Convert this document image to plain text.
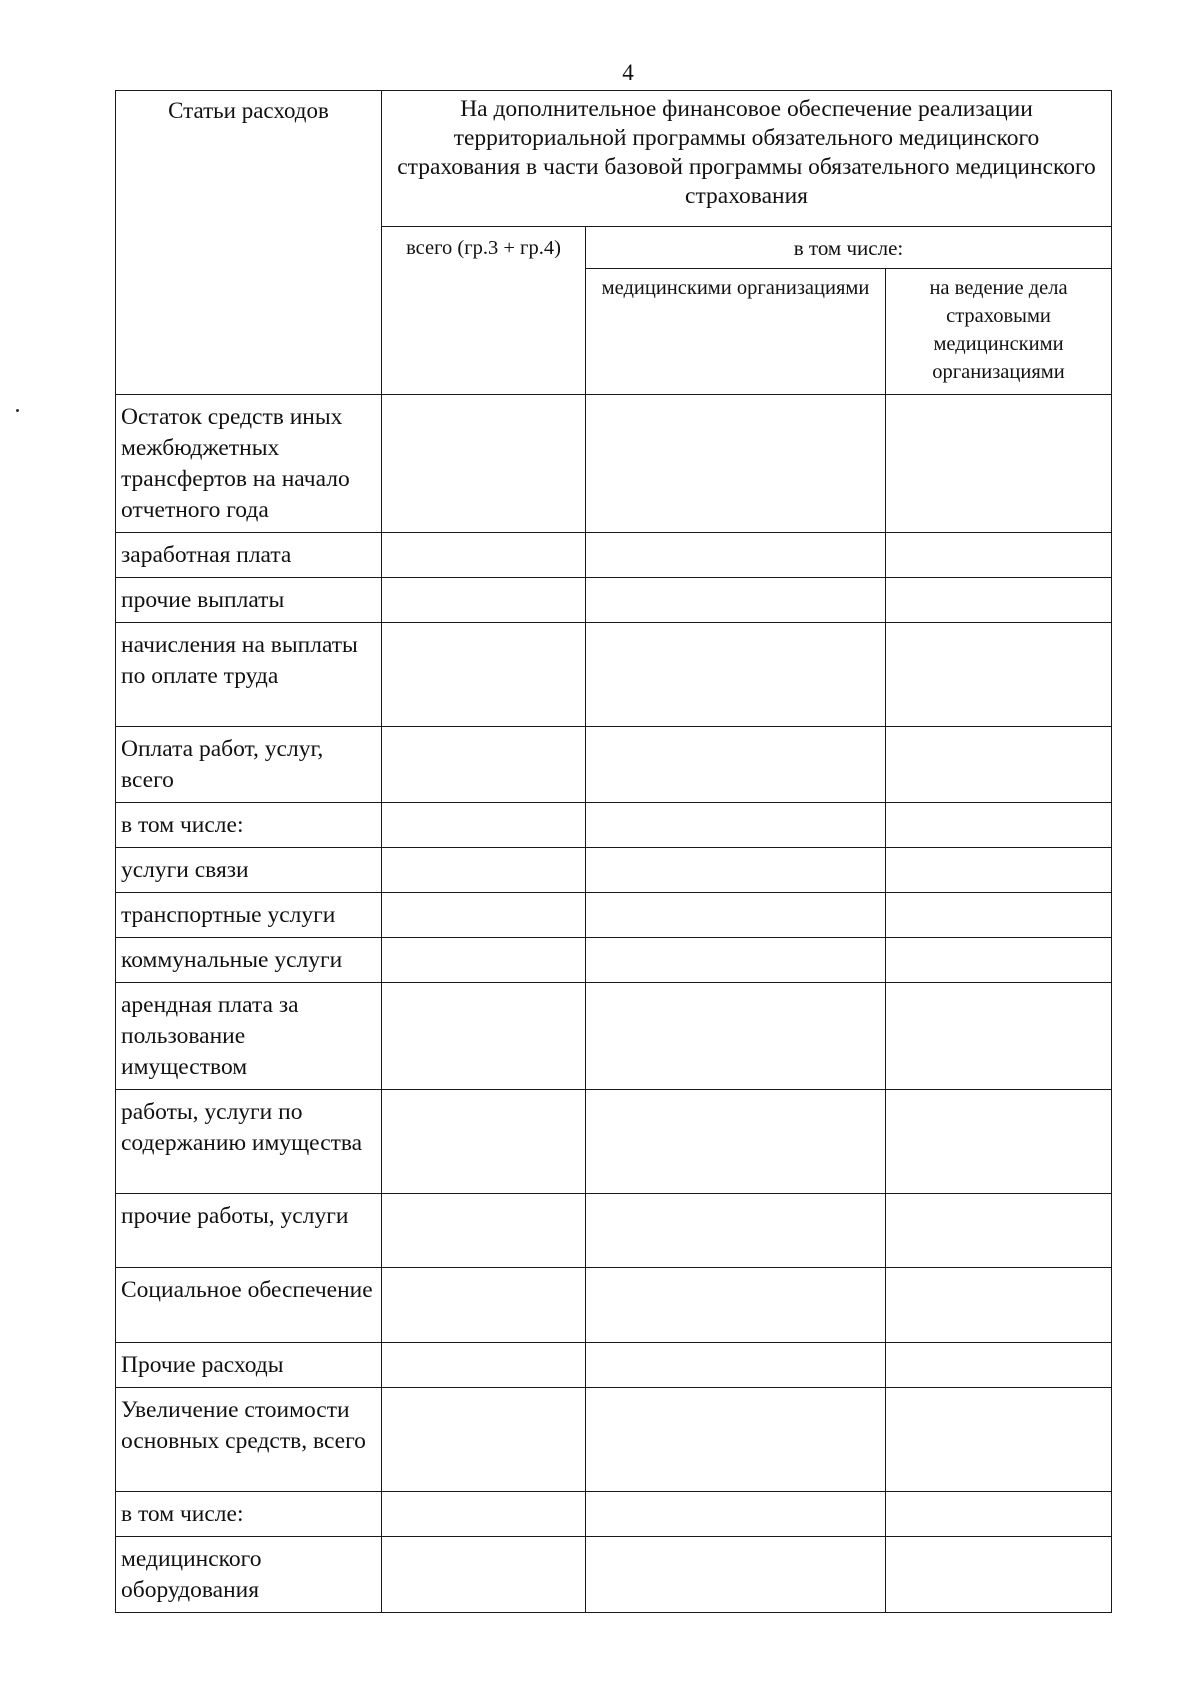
4
Статьи расходов	На дополнительное финансовое обеспечение реализации территориальной программы обязательного медицинского страхования в части базовой программы обязательного медицинского страхования		
	всего (гр.3 + гр.4)	в том числе:	
		медицинскими организациями	на ведение дела страховыми медицинскими организациями
Остаток средств иных межбюджетных трансфертов на начало отчетного года			
заработная плата			
прочие выплаты			
начисления на выплаты по оплате труда			
Оплата работ, услуг, всего			
в том числе:			
услуги связи			
транспортные услуги			
коммунальные услуги			
арендная плата за пользование имуществом			
работы, услуги по содержанию имущества			
прочие работы, услуги			
Социальное обеспечение			
Прочие расходы			
Увеличение стоимости основных средств, всего			
в том числе:			
медицинского оборудования			
